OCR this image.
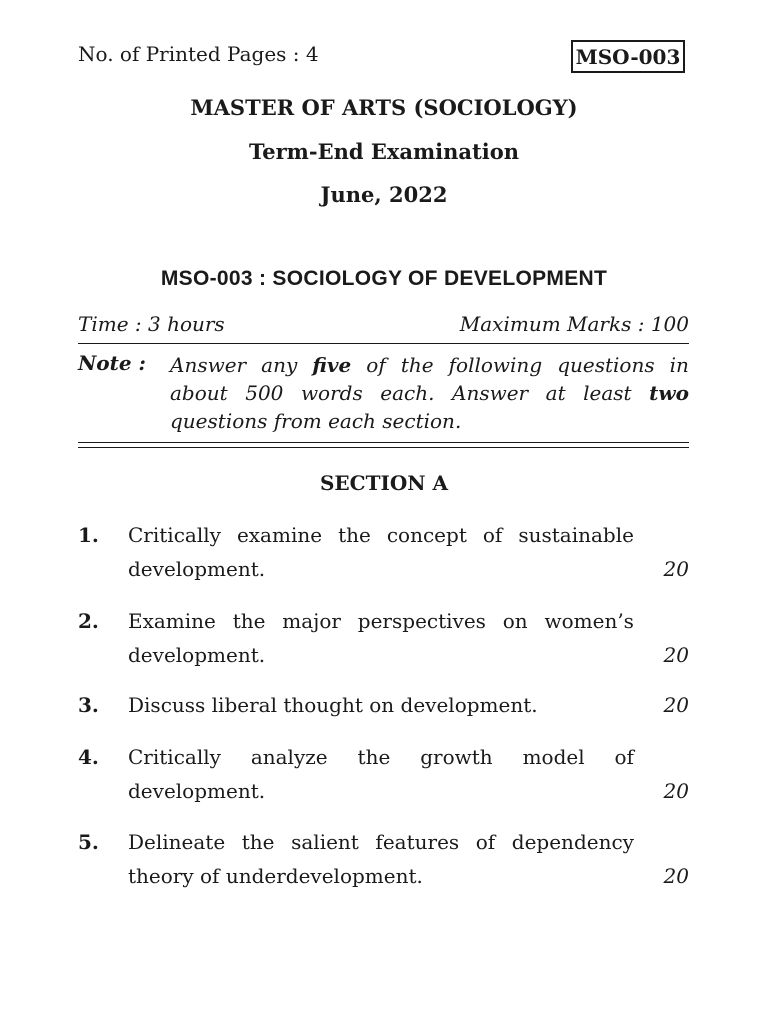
No. of Printed Pages : 4	MSO-003
MASTER OF ARTS (SOCIOLOGY)
Term-End Examination
June, 2022
MSO-003 : SOCIOLOGY OF DEVELOPMENT
Time : 3 hours	Maximum Marks : 100
Note : Answer any five of the following questions in
about 500 words each. Answer at least two
questions from each section.
SECTION A
1. Critically examine the concept of sustainable
development.	20
2. Examine the major perspectives on women’s
development.	20
3. Discuss liberal thought on development.	20
4. Critically analyze the growth model of
development.	20
5. Delineate the salient features of dependency
theory of underdevelopment.	20
